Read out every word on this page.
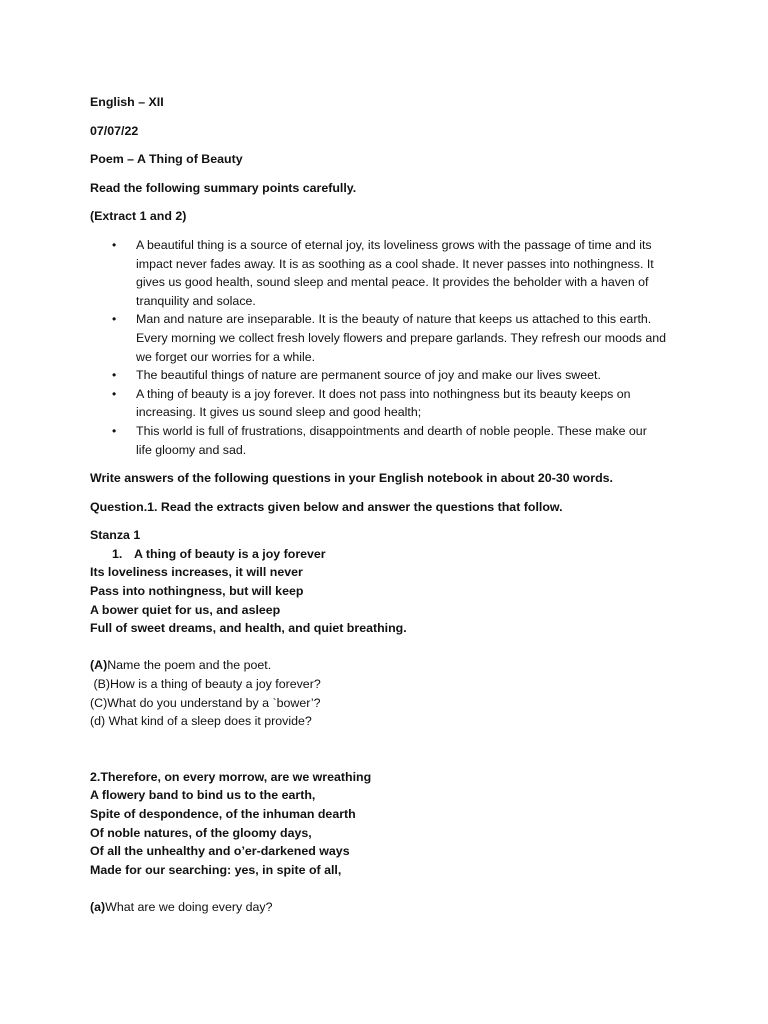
English – XII

07/07/22

Poem – A Thing of Beauty

Read the following summary points carefully.

(Extract 1 and 2)

• A beautiful thing is a source of eternal joy, its loveliness grows with the passage of time and its
impact never fades away. It is as soothing as a cool shade. It never passes into nothingness. It
gives us good health, sound sleep and mental peace. It provides the beholder with a haven of
tranquility and solace.
• Man and nature are inseparable. It is the beauty of nature that keeps us attached to this earth.
Every morning we collect fresh lovely flowers and prepare garlands. They refresh our moods and
we forget our worries for a while.
• The beautiful things of nature are permanent source of joy and make our lives sweet.
• A thing of beauty is a joy forever. It does not pass into nothingness but its beauty keeps on
increasing. It gives us sound sleep and good health;
• This world is full of frustrations, disappointments and dearth of noble people. These make our
life gloomy and sad.

Write answers of the following questions in your English notebook in about 20-30 words.

Question.1. Read the extracts given below and answer the questions that follow.

Stanza 1

1. A thing of beauty is a joy forever

Its loveliness increases, it will never

Pass into nothingness, but will keep

A bower quiet for us, and asleep

Full of sweet dreams, and health, and quiet breathing.

(A)Name the poem and the poet.

(B)How is a thing of beauty a joy forever?

(C)What do you understand by a `bower’?

(d) What kind of a sleep does it provide?

2.Therefore, on every morrow, are we wreathing

A flowery band to bind us to the earth,

Spite of despondence, of the inhuman dearth

Of noble natures, of the gloomy days,

Of all the unhealthy and o’er-darkened ways

Made for our searching: yes, in spite of all,

(a)What are we doing every day?
